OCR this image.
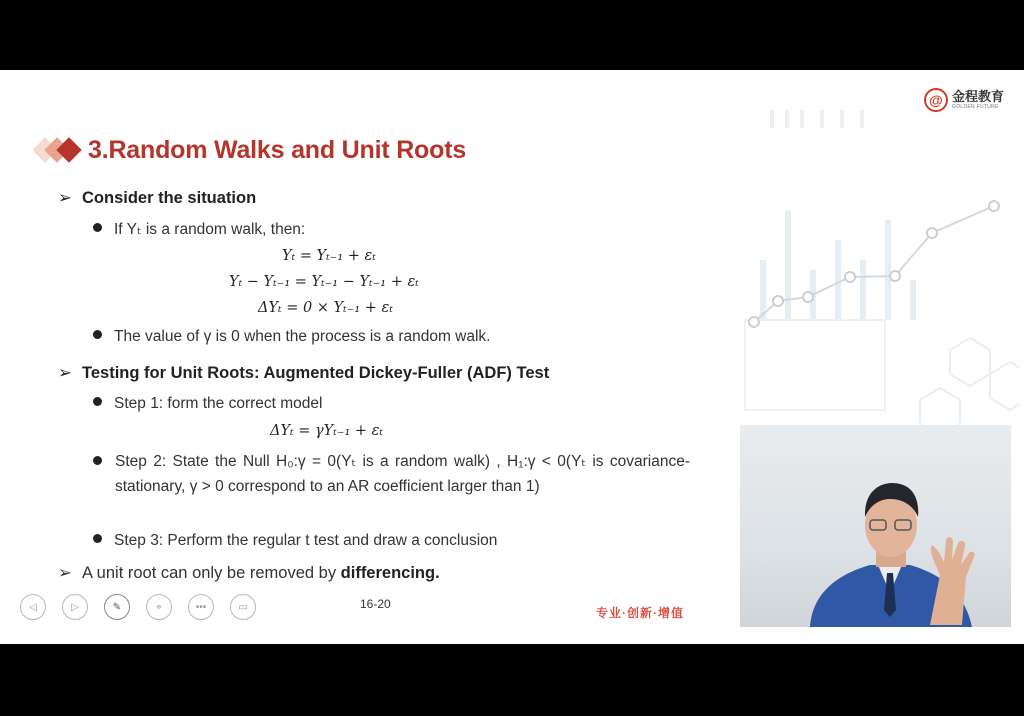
@ 金程教育
GOLDEN FUTURE
3.Random Walks and Unit Roots
➢ Consider the situation
If Yₜ is a random walk, then:
Yₜ = Yₜ₋₁ + εₜ
Yₜ − Yₜ₋₁ = Yₜ₋₁ − Yₜ₋₁ + εₜ
ΔYₜ = 0 × Yₜ₋₁ + εₜ
The value of γ is 0 when the process is a random walk.
➢ Testing for Unit Roots: Augmented Dickey-Fuller (ADF) Test
Step 1: form the correct model
ΔYₜ = γYₜ₋₁ + εₜ
Step 2: State the Null H₀:γ = 0(Yₜ is a random walk) , H₁:γ < 0(Yₜ is covariance-stationary, γ > 0 correspond to an AR coefficient larger than 1)
Step 3: Perform the regular t test and draw a conclusion
➢ A unit root can only be removed by differencing.
◁	▷	✎	⌖	•••	▭	16-20
专业·创新·增值
